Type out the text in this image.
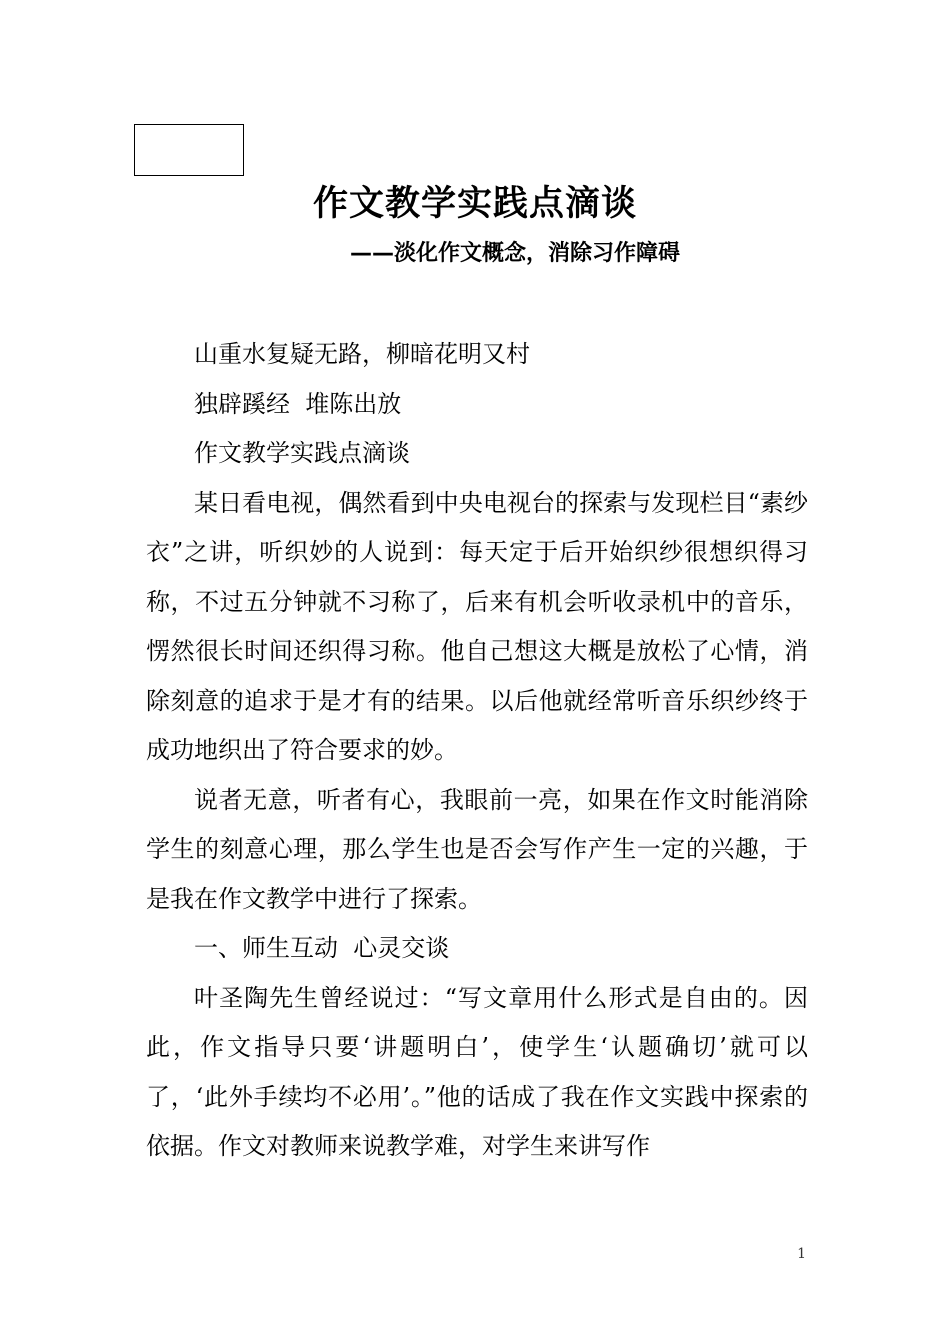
作文教学实践点滴谈
——淡化作文概念，消除习作障碍

山重水复疑无路，柳暗花明又村

独辟蹊经  堆陈出放

作文教学实践点滴谈

某日看电视，偶然看到中央电视台的探索与发现栏目“素纱衣”之讲，听织妙的人说到：每天定于后开始织纱很想织得习称，不过五分钟就不习称了，后来有机会听收录机中的音乐，愣然很长时间还织得习称。他自己想这大概是放松了心情，消除刻意的追求于是才有的结果。以后他就经常听音乐织纱终于成功地织出了符合要求的妙。

说者无意，听者有心，我眼前一亮，如果在作文时能消除学生的刻意心理，那么学生也是否会写作产生一定的兴趣，于是我在作文教学中进行了探索。

一、师生互动  心灵交谈

叶圣陶先生曾经说过：“写文章用什么形式是自由的。因此，作文指导只要‘讲题明白’，使学生‘认题确切’就可以了，‘此外手续均不必用’。”他的话成了我在作文实践中探索的依据。作文对教师来说教学难，对学生来讲写作

1
